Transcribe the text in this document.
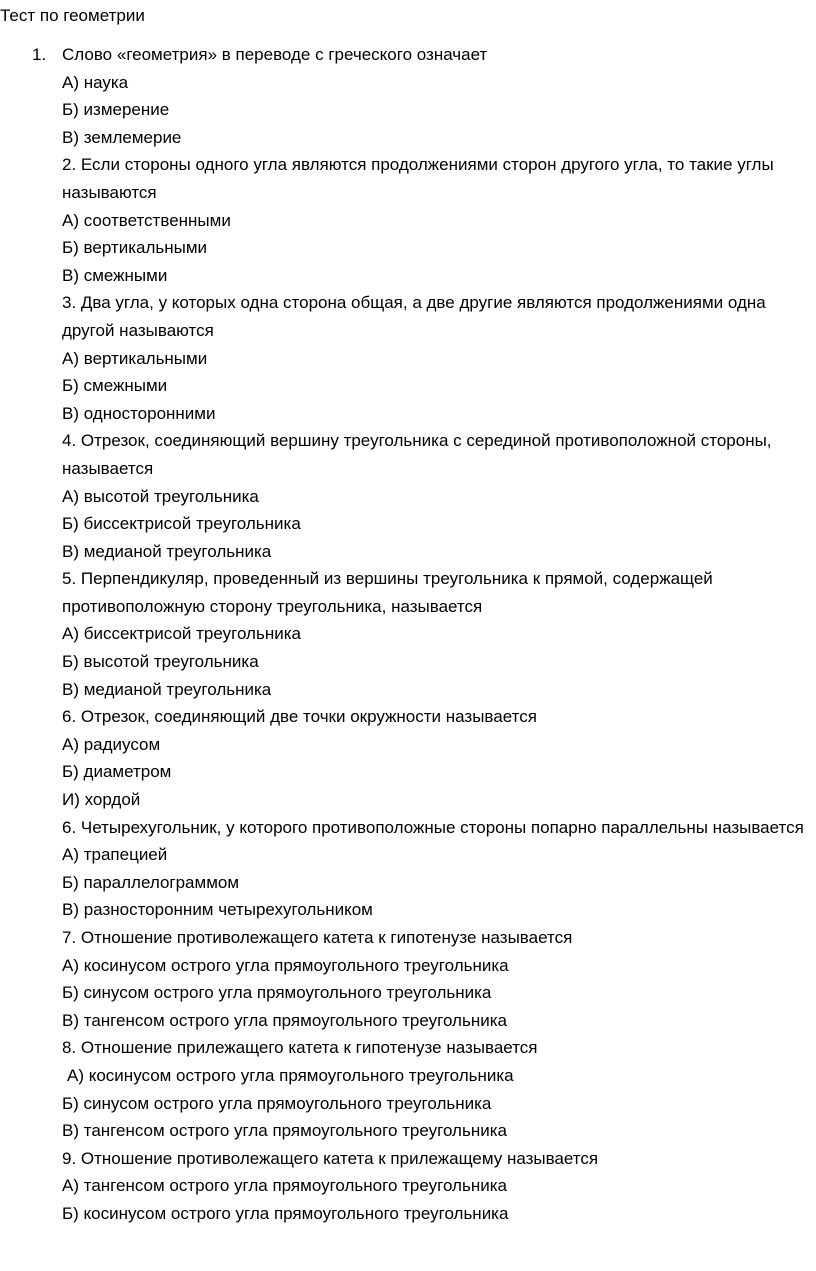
Тест по геометрии
1. Слово «геометрия» в переводе с греческого означает
А) наука
Б) измерение
В) землемерие
2. Если стороны одного угла являются продолжениями сторон другого угла, то такие углы называются
А) соответственными
Б) вертикальными
В) смежными
3. Два угла, у которых одна сторона общая, а две другие являются продолжениями одна другой называются
А) вертикальными
Б) смежными
В) односторонними
4. Отрезок, соединяющий вершину треугольника с серединой противоположной стороны, называется
А) высотой треугольника
Б) биссектрисой треугольника
В) медианой треугольника
5. Перпендикуляр, проведенный из вершины треугольника к прямой, содержащей противоположную сторону треугольника, называется
А) биссектрисой треугольника
Б) высотой треугольника
В) медианой треугольника
6. Отрезок, соединяющий две точки окружности называется
А) радиусом
Б) диаметром
И) хордой
6. Четырехугольник, у которого противоположные стороны попарно параллельны называется
А) трапецией
Б) параллелограммом
В) разносторонним четырехугольником
7. Отношение противолежащего катета к гипотенузе называется
А) косинусом острого угла прямоугольного треугольника
Б) синусом острого угла прямоугольного треугольника
В) тангенсом острого угла прямоугольного треугольника
8. Отношение прилежащего катета к гипотенузе называется
А) косинусом острого угла прямоугольного треугольника
Б) синусом острого угла прямоугольного треугольника
В) тангенсом острого угла прямоугольного треугольника
9. Отношение противолежащего катета к прилежащему называется
А) тангенсом острого угла прямоугольного треугольника
Б) косинусом острого угла прямоугольного треугольника
